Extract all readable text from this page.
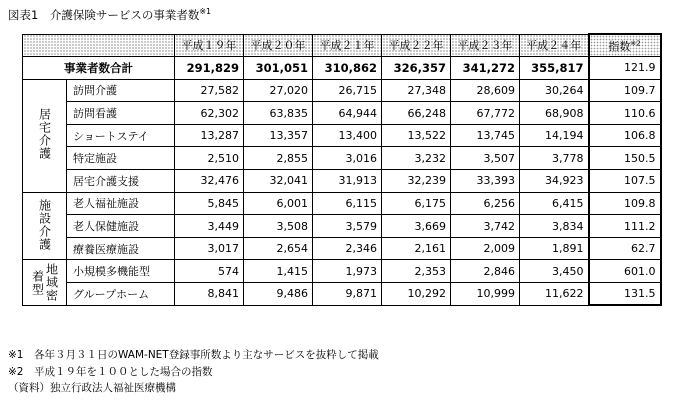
図表1　介護保険サービスの事業者数$^{※1}$
		平成１９年	平成２０年	平成２１年	平成２２年	平成２３年	平成２４年	指数$^{※2}$
事業者数合計		291,829	301,051	310,862	326,357	341,272	355,817	121.9
居宅介護	訪問介護	27,582	27,020	26,715	27,348	28,609	30,264	109.7
	訪問看護	62,302	63,835	64,944	66,248	67,772	68,908	110.6
	ショートステイ	13,287	13,357	13,400	13,522	13,745	14,194	106.8
	特定施設	2,510	2,855	3,016	3,232	3,507	3,778	150.5
	居宅介護支援	32,476	32,041	31,913	32,239	33,393	34,923	107.5
施設介護	老人福祉施設	5,845	6,001	6,115	6,175	6,256	6,415	109.8
	老人保健施設	3,449	3,508	3,579	3,669	3,742	3,834	111.2
	療養医療施設	3,017	2,654	2,346	2,161	2,009	1,891	62.7

地域密
着型	小規模多機能型	574	1,415	1,973	2,353	2,846	3,450	601.0
	グループホーム	8,841	9,486	9,871	10,292	10,999	11,622	131.5
※1　 各年３月３１日のWAM-NET登録事所数より主なサービスを抜粋して掲載
※2　 平成１９年を１００とした場合の指数
（資料）独立行政法人福祉医療機構
